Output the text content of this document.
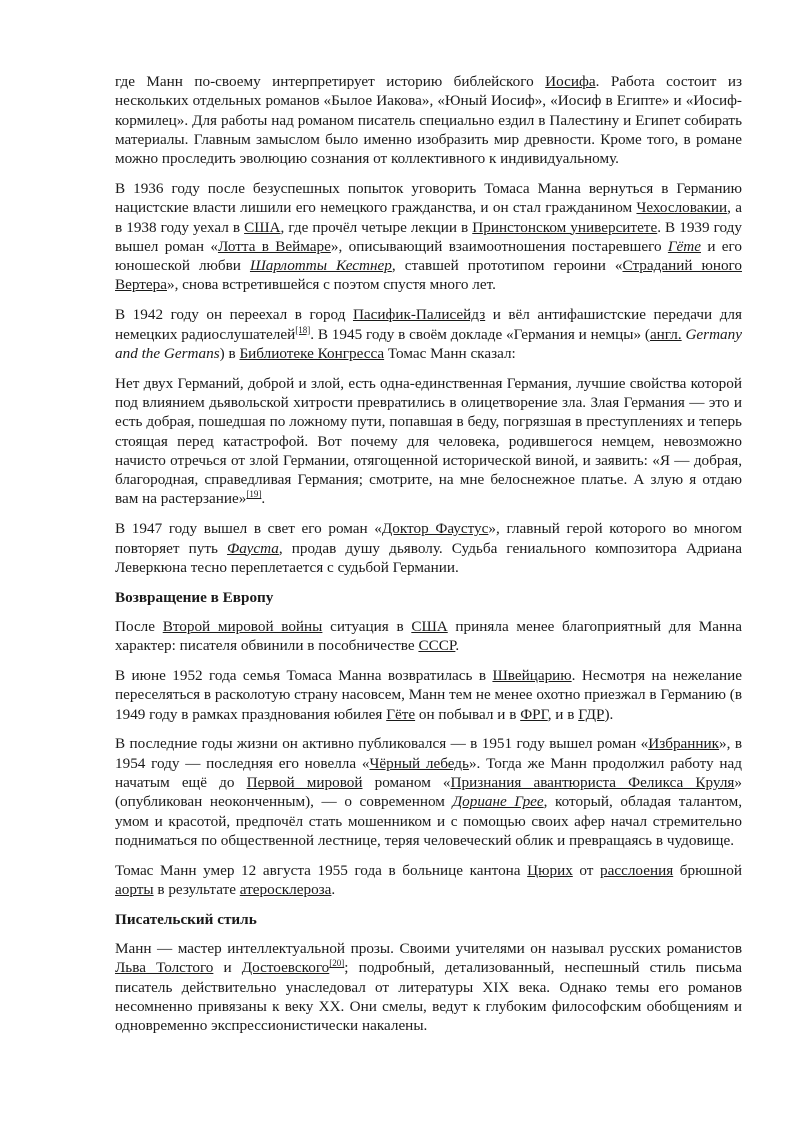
где Манн по-своему интерпретирует историю библейского Иосифа. Работа состоит из нескольких отдельных романов «Былое Иакова», «Юный Иосиф», «Иосиф в Египте» и «Иосиф-кормилец». Для работы над романом писатель специально ездил в Палестину и Египет собирать материалы. Главным замыслом было именно изобразить мир древности. Кроме того, в романе можно проследить эволюцию сознания от коллективного к индивидуальному.

В 1936 году после безуспешных попыток уговорить Томаса Манна вернуться в Германию нацистские власти лишили его немецкого гражданства, и он стал гражданином Чехословакии, а в 1938 году уехал в США, где прочёл четыре лекции в Принстонском университете. В 1939 году вышел роман «Лотта в Веймаре», описывающий взаимоотношения постаревшего Гёте и его юношеской любви Шарлотты Кестнер, ставшей прототипом героини «Страданий юного Вертера», снова встретившейся с поэтом спустя много лет.

В 1942 году он переехал в город Пасифик-Палисейдз и вёл антифашистские передачи для немецких радиослушателей[18]. В 1945 году в своём докладе «Германия и немцы» (англ. Germany and the Germans) в Библиотеке Конгресса Томас Манн сказал:

Нет двух Германий, доброй и злой, есть одна-единственная Германия, лучшие свойства которой под влиянием дьявольской хитрости превратились в олицетворение зла. Злая Германия — это и есть добрая, пошедшая по ложному пути, попавшая в беду, погрязшая в преступлениях и теперь стоящая перед катастрофой. Вот почему для человека, родившегося немцем, невозможно начисто отречься от злой Германии, отягощенной исторической виной, и заявить: «Я — добрая, благородная, справедливая Германия; смотрите, на мне белоснежное платье. А злую я отдаю вам на растерзание»[19].

В 1947 году вышел в свет его роман «Доктор Фаустус», главный герой которого во многом повторяет путь Фауста, продав душу дьяволу. Судьба гениального композитора Адриана Леверкюна тесно переплетается с судьбой Германии.

Возвращение в Европу

После Второй мировой войны ситуация в США приняла менее благоприятный для Манна характер: писателя обвинили в пособничестве СССР.

В июне 1952 года семья Томаса Манна возвратилась в Швейцарию. Несмотря на нежелание переселяться в расколотую страну насовсем, Манн тем не менее охотно приезжал в Германию (в 1949 году в рамках празднования юбилея Гёте он побывал и в ФРГ, и в ГДР).

В последние годы жизни он активно публиковался — в 1951 году вышел роман «Избранник», в 1954 году — последняя его новелла «Чёрный лебедь». Тогда же Манн продолжил работу над начатым ещё до Первой мировой романом «Признания авантюриста Феликса Круля» (опубликован неоконченным), — о современном Дориане Грее, который, обладая талантом, умом и красотой, предпочёл стать мошенником и с помощью своих афер начал стремительно подниматься по общественной лестнице, теряя человеческий облик и превращаясь в чудовище.

Томас Манн умер 12 августа 1955 года в больнице кантона Цюрих от расслоения брюшной аорты в результате атеросклероза.

Писательский стиль

Манн — мастер интеллектуальной прозы. Своими учителями он называл русских романистов Льва Толстого и Достоевского[20]; подробный, детализованный, неспешный стиль письма писатель действительно унаследовал от литературы XIX века. Однако темы его романов несомненно привязаны к веку XX. Они смелы, ведут к глубоким философским обобщениям и одновременно экспрессионистически накалены.
